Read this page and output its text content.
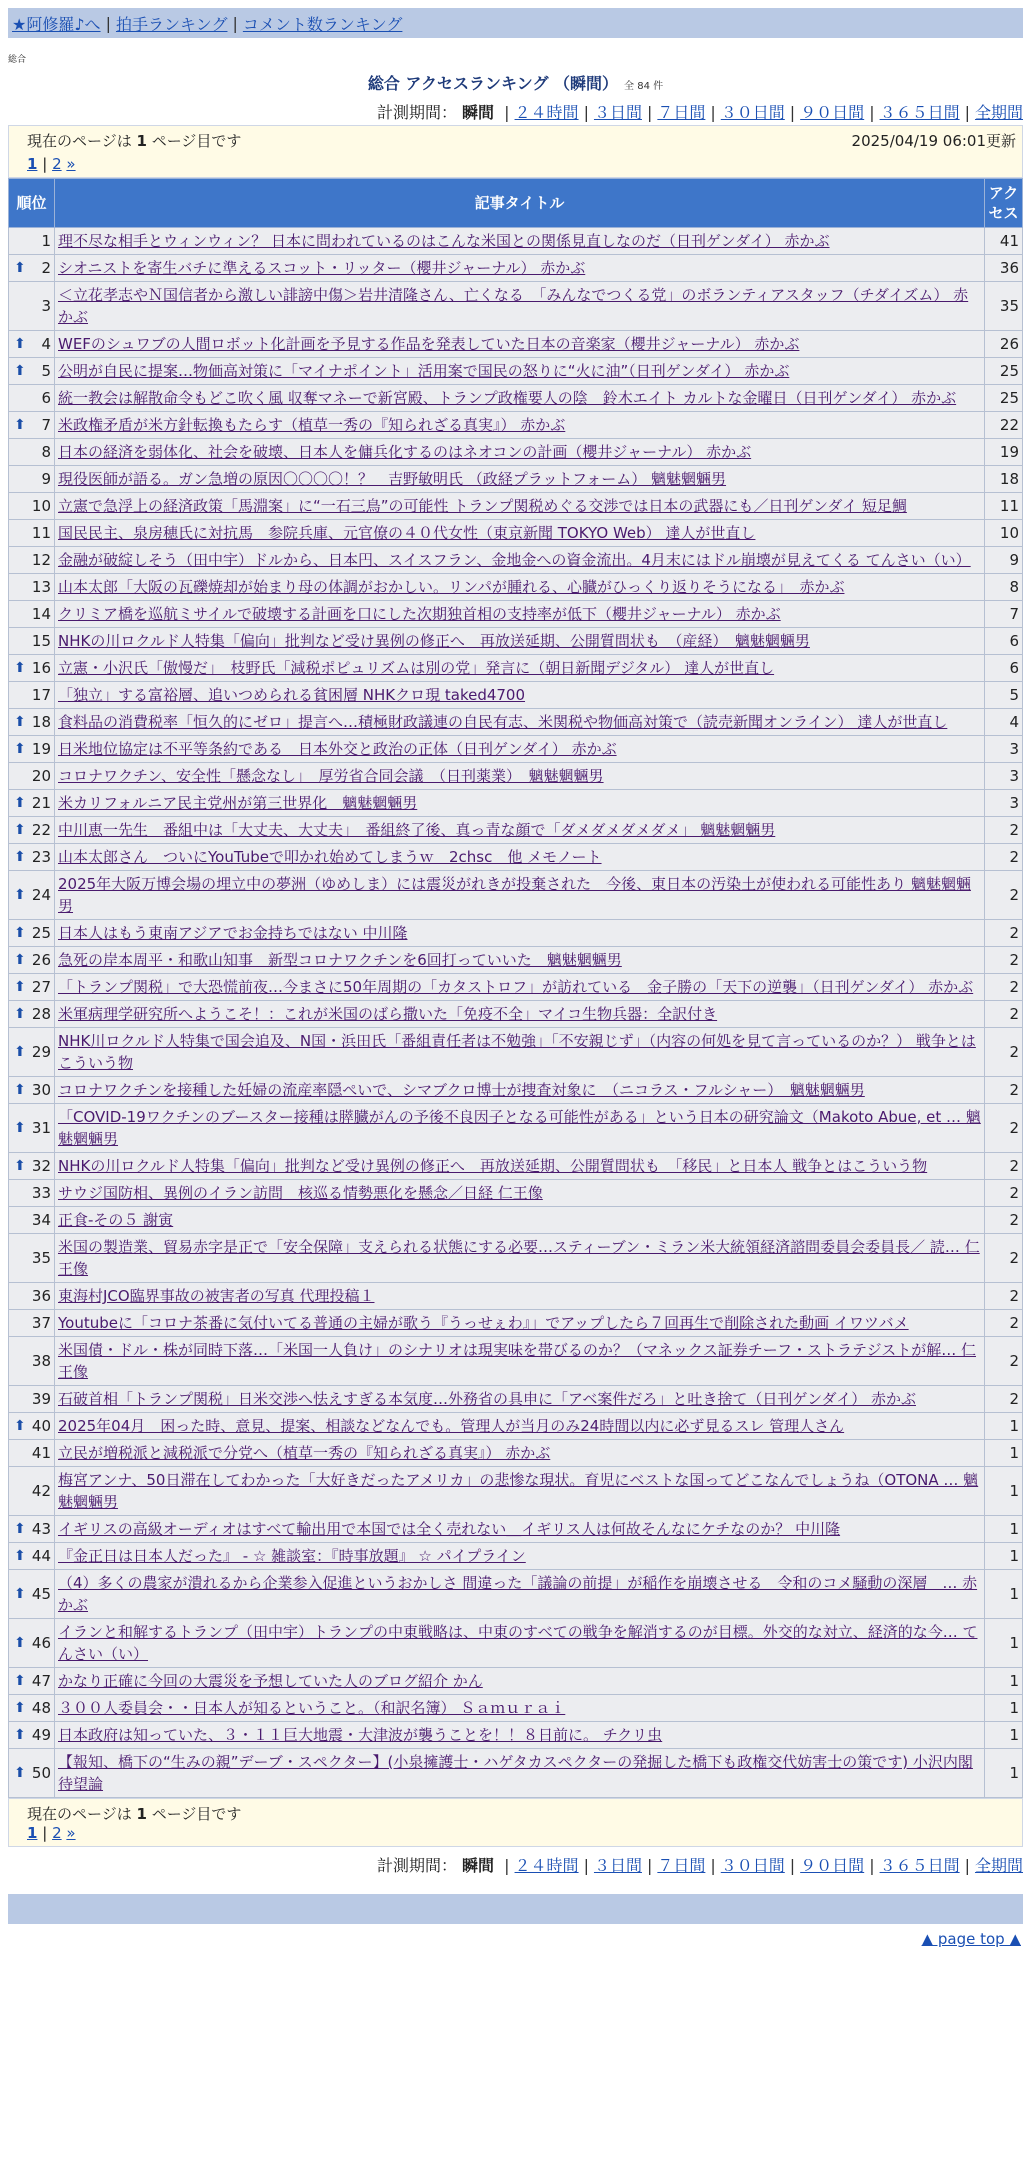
★阿修羅♪へ | 拍手ランキング | コメント数ランキング
総合
総合 アクセスランキング （瞬間） 全 84 件
計測期間： 瞬間 | ２４時間 | ３日間 | ７日間 | ３０日間 | ９０日間 | ３６５日間 | 全期間
現在のページは 1 ページ目です	2025/04/19 06:01更新
1 | 2 »
順位	記事タイトル	アクセス
1	理不尽な相手とウィンウィン？ 日本に問われているのはこんな米国との関係見直しなのだ（日刊ゲンダイ） 赤かぶ	41

⬆ 2	シオニストを寄生バチに準えるスコット・リッター（櫻井ジャーナル） 赤かぶ	36
3	＜立花孝志やＮ国信者から激しい誹謗中傷＞岩井清隆さん、亡くなる　「みんなでつくる党」のボランティアスタッフ（チダイズム） 赤かぶ	35

⬆ 4	WEFのシュワブの人間ロボット化計画を予見する作品を発表していた日本の音楽家（櫻井ジャーナル） 赤かぶ	26

⬆ 5	公明が自民に提案…物価高対策に「マイナポイント」活用案で国民の怒りに“火に油”（日刊ゲンダイ） 赤かぶ	25
6	統一教会は解散命令もどこ吹く風 収奪マネーで新宮殿、トランプ政権要人の陰　鈴木エイト カルトな金曜日（日刊ゲンダイ） 赤かぶ	25

⬆ 7	米政権矛盾が米方針転換もたらす（植草一秀の『知られざる真実』） 赤かぶ	22
8	日本の経済を弱体化、社会を破壊、日本人を傭兵化するのはネオコンの計画（櫻井ジャーナル） 赤かぶ	19
9	現役医師が語る。ガン急増の原因〇〇〇〇！？　吉野敏明氏 （政経プラットフォーム） 魑魅魍魎男	18
10	立憲で急浮上の経済政策「馬淵案」に“一石三鳥”の可能性 トランプ関税めぐる交渉では日本の武器にも／日刊ゲンダイ 短足鯛	11
11	国民民主、泉房穂氏に対抗馬　参院兵庫、元官僚の４０代女性（東京新聞 TOKYO Web） 達人が世直し	10
12	金融が破綻しそう（田中宇）ドルから、日本円、スイスフラン、金地金への資金流出。4月末にはドル崩壊が見えてくる てんさい（い）	9
13	山本太郎「大阪の瓦礫焼却が始まり母の体調がおかしい。リンパが腫れる、心臓がひっくり返りそうになる」　赤かぶ	8
14	クリミア橋を巡航ミサイルで破壊する計画を口にした次期独首相の支持率が低下（櫻井ジャーナル） 赤かぶ	7
15	NHKの川ロクルド人特集「偏向」批判など受け異例の修正へ　再放送延期、公開質問状も　（産経）　魑魅魍魎男	6

⬆ 16	立憲・小沢氏「傲慢だ」　枝野氏「減税ポピュリズムは別の党」発言に（朝日新聞デジタル） 達人が世直し	6
17	「独立」する富裕層、追いつめられる貧困層 NHKクロ現 taked4700	5

⬆ 18	食料品の消費税率「恒久的にゼロ」提言へ…積極財政議連の自民有志、米関税や物価高対策で（読売新聞オンライン） 達人が世直し	4

⬆ 19	日米地位協定は不平等条約である　日本外交と政治の正体（日刊ゲンダイ） 赤かぶ	3
20	コロナワクチン、安全性「懸念なし」　厚労省合同会議　（日刊薬業）　魑魅魍魎男	3

⬆ 21	米カリフォルニア民主党州が第三世界化　魑魅魍魎男	3

⬆ 22	中川恵一先生　番組中は「大丈夫、大丈夫」　番組終了後、真っ青な顔で「ダメダメダメダメ」 魑魅魍魎男	2

⬆ 23	山本太郎さん　ついにYouTubeで叩かれ始めてしまうｗ　2chsc　他 メモノート	2

⬆ 24	2025年大阪万博会場の埋立中の夢洲（ゆめしま）には震災がれきが投棄された　今後、東日本の汚染土が使われる可能性あり 魑魅魍魎男	2

⬆ 25	日本人はもう東南アジアでお金持ちではない 中川隆	2

⬆ 26	急死の岸本周平・和歌山知事　新型コロナワクチンを6回打っていいた　魑魅魍魎男	2

⬆ 27	「トランプ関税」で大恐慌前夜…今まさに50年周期の「カタストロフ」が訪れている　金子勝の「天下の逆襲」（日刊ゲンダイ） 赤かぶ	2

⬆ 28	米軍病理学研究所へようこそ！：これが米国のばら撒いた「免疫不全」マイコ生物兵器：全訳付き	2

⬆ 29	NHK川ロクルド人特集で国会追及、N国・浜田氏「番組責任者は不勉強」「不安親じず」（内容の何処を見て言っているのか？） 戦争とはこういう物	2

⬆ 30	コロナワクチンを接種した妊婦の流産率隠ぺいで、シマブクロ博士が捜査対象に　（ニコラス・フルシャー）　魑魅魍魎男	2

⬆ 31	「COVID-19ワクチンのブースター接種は膵臓がんの予後不良因子となる可能性がある」という日本の研究論文（Makoto Abue, et … 魑魅魍魎男	2

⬆ 32	NHKの川ロクルド人特集「偏向」批判など受け異例の修正へ　再放送延期、公開質問状も　「移民」と日本人 戦争とはこういう物	2
33	サウジ国防相、異例のイラン訪問　核巡る情勢悪化を懸念／日経 仁王像	2
34	正食-その５ 謝寅	2
35	米国の製造業、貿易赤字是正で「安全保障」支えられる状態にする必要…スティーブン・ミラン米大統領経済諮問委員会委員長／ 読… 仁王像	2
36	東海村JCO臨界事故の被害者の写真 代理投稿１	2
37	Youtubeに「コロナ茶番に気付いてる普通の主婦が歌う『うっせぇわ』」でアップしたら７回再生で削除された動画 イワツバメ	2
38	米国債・ドル・株が同時下落…「米国一人負け」のシナリオは現実味を帯びるのか？（マネックス証券チーフ・ストラテジストが解… 仁王像	2
39	石破首相「トランプ関税」日米交渉へ怯えすぎる本気度…外務省の具申に「アベ案件だろ」と吐き捨て（日刊ゲンダイ） 赤かぶ	2

⬆ 40	2025年04月　困った時、意見、提案、相談などなんでも。管理人が当月のみ24時間以内に必ず見るスレ 管理人さん	1
41	立民が増税派と減税派で分党へ（植草一秀の『知られざる真実』） 赤かぶ	1
42	梅宮アンナ、50日滞在してわかった「大好きだったアメリカ」の悲惨な現状。育児にベストな国ってどこなんでしょうね（OTONA … 魑魅魍魎男	1

⬆ 43	イギリスの高級オーディオはすべて輸出用で本国では全く売れない＿イギリス人は何故そんなにケチなのか？ 中川隆	1

⬆ 44	『金正日は日本人だった』 - ☆ 雑談室：『時事放題』 ☆ パイプライン	1

⬆ 45	（4）多くの農家が潰れるから企業参入促進というおかしさ 間違った「議論の前提」が稲作を崩壊させる　令和のコメ騒動の深層　… 赤かぶ	1

⬆ 46	イランと和解するトランプ（田中宇）トランプの中東戦略は、中東のすべての戦争を解消するのが目標。外交的な対立、経済的な今… てんさい（い）	1

⬆ 47	かなり正確に今回の大震災を予想していた人のブログ紹介 かん	1

⬆ 48	３００人委員会・・日本人が知るということ。（和訳名簿） Ｓａｍｕｒａｉ	1

⬆ 49	日本政府は知っていた、３・１１巨大地震・大津波が襲うことを！！８日前に。 チクリ虫	1

⬆ 50	【報知、橋下の“生みの親”デーブ・スペクター】(小泉擁護士・ハゲタカスペクターの発掘した橋下も政権交代妨害士の策です) 小沢内閣待望論	1
現在のページは 1 ページ目です
1 | 2 »
計測期間： 瞬間 | ２４時間 | ３日間 | ７日間 | ３０日間 | ９０日間 | ３６５日間 | 全期間
▲ page top ▲
